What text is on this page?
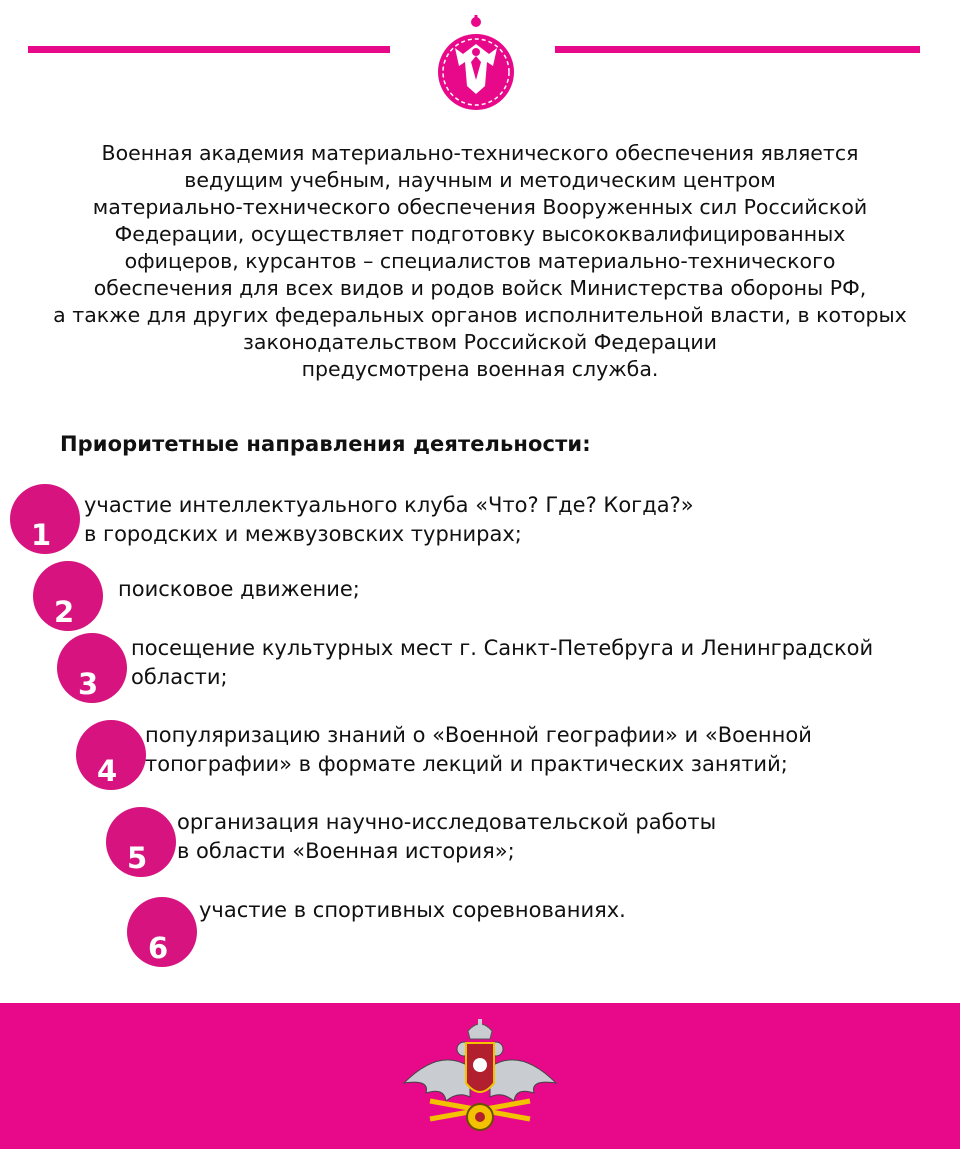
Военная академия материально-технического обеспечения является
ведущим учебным, научным и методическим центром
материально-технического обеспечения Вооруженных сил Российской
Федерации, осуществляет подготовку высококвалифицированных
офицеров, курсантов – специалистов материально-технического
обеспечения для всех видов и родов войск Министерства обороны РФ,
а также для других федеральных органов исполнительной власти, в которых
законодательством Российской Федерации
предусмотрена военная служба.
Приоритетные направления деятельности:
1
участие интеллектуального клуба «Что? Где? Когда?»
в городских и межвузовских турнирах;
2
поисковое движение;
3
посещение культурных мест г. Санкт-Петебруга и Ленинградской
области;
4
популяризацию знаний о «Военной географии» и «Военной
топографии» в формате лекций и практических занятий;
5
организация научно-исследовательской работы
в области «Военная история»;
6
участие в спортивных соревнованиях.
